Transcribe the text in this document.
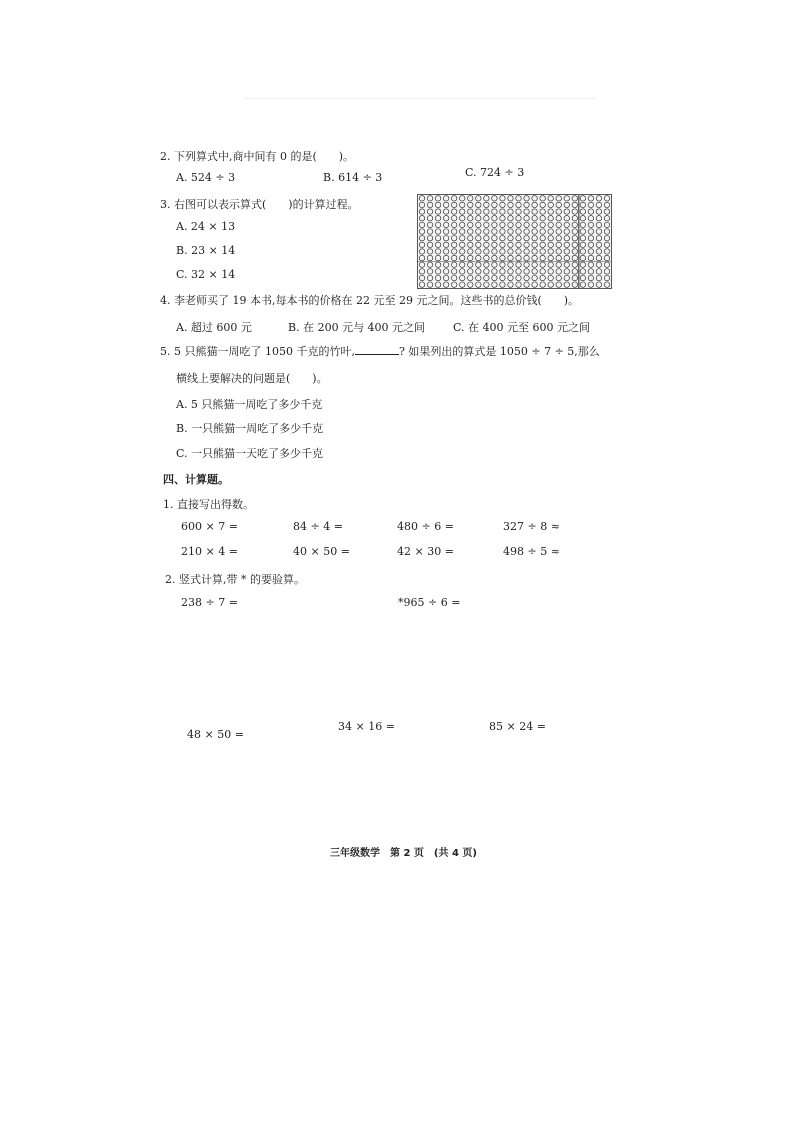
2. 下列算式中,商中间有 0 的是(　　)。
A. 524 ÷ 3	B. 614 ÷ 3	C. 724 ÷ 3
3. 右图可以表示算式(　　)的计算过程。
A. 24 × 13
B. 23 × 14
C. 32 × 14
4. 李老师买了 19 本书,每本书的价格在 22 元至 29 元之间。这些书的总价钱(　　)。
A. 超过 600 元	B. 在 200 元与 400 元之间	C. 在 400 元至 600 元之间
5. 5 只熊猫一周吃了 1050 千克的竹叶,	? 如果列出的算式是 1050 ÷ 7 ÷ 5,那么
横线上要解决的问题是(　　)。
A. 5 只熊猫一周吃了多少千克
B. 一只熊猫一周吃了多少千克
C. 一只熊猫一天吃了多少千克
四、计算题。
1. 直接写出得数。
600 × 7 =	84 ÷ 4 =	480 ÷ 6 =	327 ÷ 8 ≈
210 × 4 =	40 × 50 =	42 × 30 =	498 ÷ 5 ≈
2. 竖式计算,带 * 的要验算。
238 ÷ 7 =	*965 ÷ 6 =
48 × 50 =
34 × 16 =	85 × 24 =
三年级数学　第 2 页　(共 4 页)
